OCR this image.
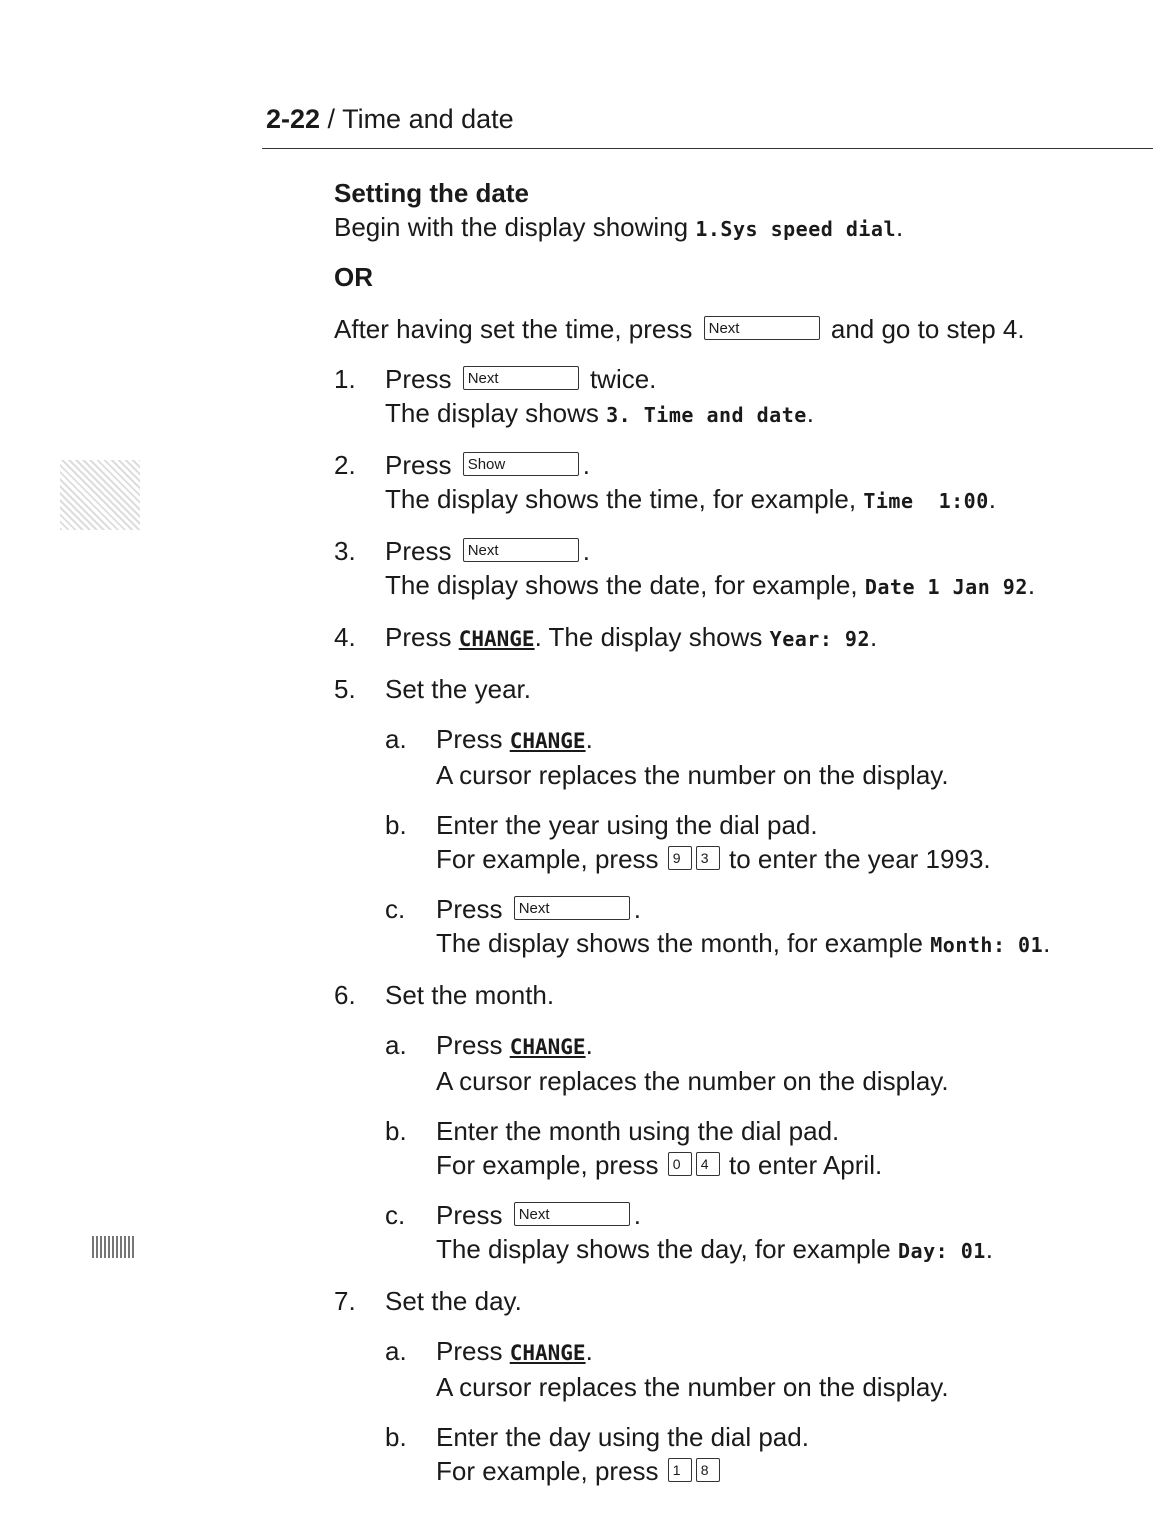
2-22 / Time and date
Setting the date
Begin with the display showing 1.Sys speed dial.
OR
After having set the time, press Next	and go to step 4.
1. Press Next	twice.
The display shows 3. Time and date.
2. Press Show	.
The display shows the time, for example, Time  1:00.
3. Press Next	.
The display shows the date, for example, Date 1 Jan 92.
4. Press CHANGE. The display shows Year: 92.
5. Set the year.
a. Press CHANGE.
A cursor replaces the number on the display.
b. Enter the year using the dial pad.
For example, press 9 3 to enter the year 1993.
c. Press Next	.
The display shows the month, for example Month: 01.
6. Set the month.
a. Press CHANGE.
A cursor replaces the number on the display.
b. Enter the month using the dial pad.
For example, press 0 4 to enter April.
c. Press Next	.
The display shows the day, for example Day: 01.
7. Set the day.
a. Press CHANGE.
A cursor replaces the number on the display.
b. Enter the day using the dial pad.
For example, press 1 8
